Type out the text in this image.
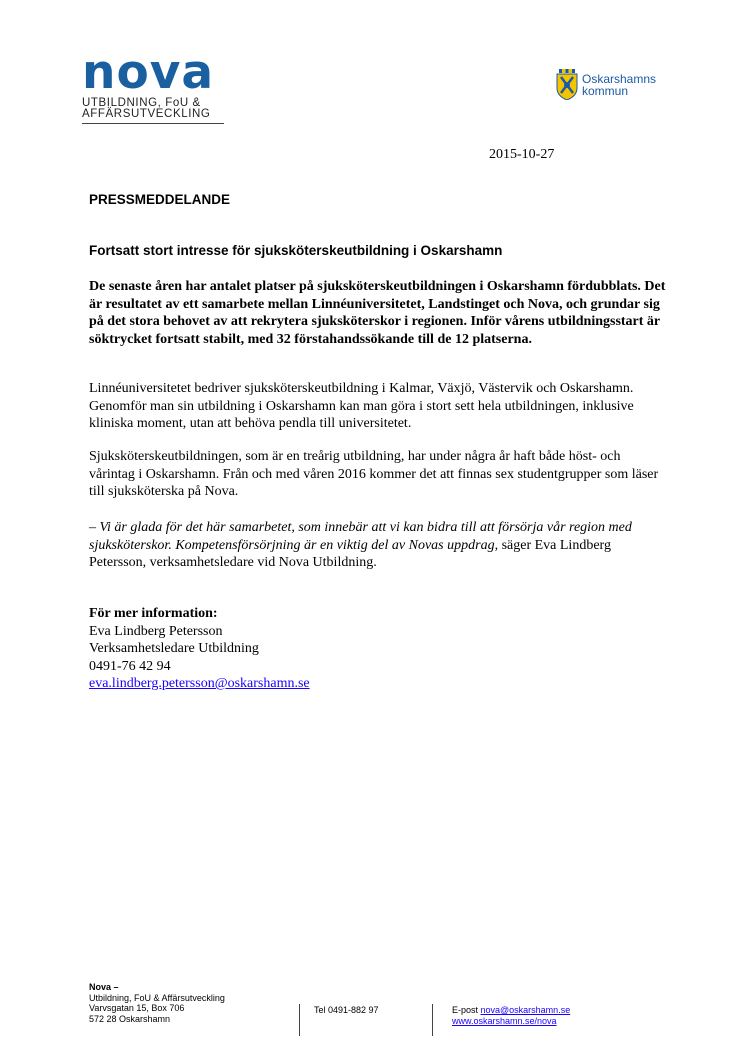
nova
UTBILDNING, FoU &
AFFÄRSUTVECKLING
Oskarshamns
kommun
2015-10-27
PRESSMEDDELANDE
Fortsatt stort intresse för sjuksköterskeutbildning i Oskarshamn
De senaste åren har antalet platser på sjuksköterskeutbildningen i Oskarshamn fördubblats. Det är resultatet av ett samarbete mellan Linnéuniversitetet, Landstinget och Nova, och grundar sig på det stora behovet av att rekrytera sjuksköterskor i regionen. Inför vårens utbildningsstart är söktrycket fortsatt stabilt, med 32 förstahandssökande till de 12 platserna.
Linnéuniversitetet bedriver sjuksköterskeutbildning i Kalmar, Växjö, Västervik och Oskarshamn. Genomför man sin utbildning i Oskarshamn kan man göra i stort sett hela utbildningen, inklusive kliniska moment, utan att behöva pendla till universitetet.
Sjuksköterskeutbildningen, som är en treårig utbildning, har under några år haft både höst- och vårintag i Oskarshamn. Från och med våren 2016 kommer det att finnas sex studentgrupper som läser till sjuksköterska på Nova.
– Vi är glada för det här samarbetet, som innebär att vi kan bidra till att försörja vår region med sjuksköterskor. Kompetensförsörjning är en viktig del av Novas uppdrag, säger Eva Lindberg Petersson, verksamhetsledare vid Nova Utbildning.
För mer information:
Eva Lindberg Petersson
Verksamhetsledare Utbildning
0491-76 42 94
eva.lindberg.petersson@oskarshamn.se
Nova –
Utbildning, FoU & Affärsutveckling
Varvsgatan 15, Box 706
572 28 Oskarshamn
Tel 0491-882 97	E-post nova@oskarshamn.se
www.oskarshamn.se/nova
